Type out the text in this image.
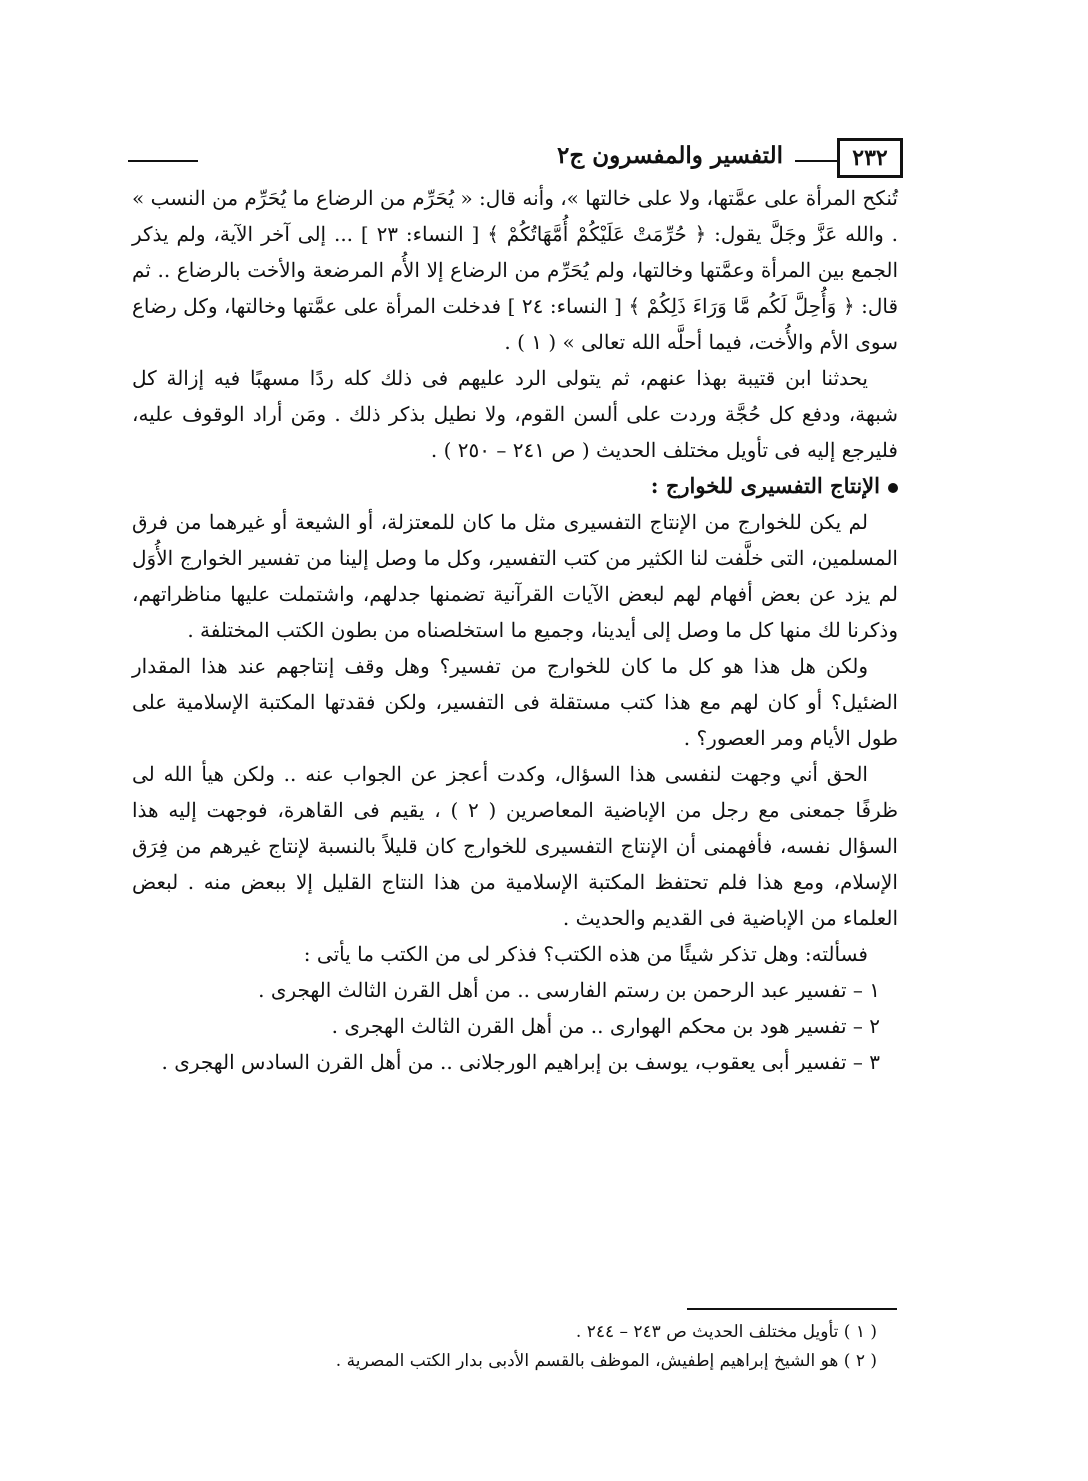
٢٣٢
التفسير والمفسرون ج٢

تُنكح المرأة على عمَّتها، ولا على خالتها »، وأنه قال: « يُحَرِّم من الرضاع ما يُحَرِّم من النسب » . والله عَزَّ وجَلَّ يقول: ﴿ حُرِّمَتْ عَلَيْكُمْ أُمَّهَاتُكُمْ ﴾ [ النساء: ٢٣ ] ... إلى آخر الآية، ولم يذكر الجمع بين المرأة وعمَّتها وخالتها، ولم يُحَرِّم من الرضاع إلا الأُم المرضعة والأخت بالرضاع .. ثم قال: ﴿ وَأُحِلَّ لَكُم مَّا وَرَاءَ ذَلِكُمْ ﴾ [ النساء: ٢٤ ] فدخلت المرأة على عمَّتها وخالتها، وكل رضاع سوى الأم والأُخت، فيما أحلَّه الله تعالى » ( ١ ) .

يحدثنا ابن قتيبة بهذا عنهم، ثم يتولى الرد عليهم فى ذلك كله ردًا مسهبًا فيه إزالة كل شبهة، ودفع كل حُجَّة وردت على ألسن القوم، ولا نطيل بذكر ذلك . ومَن أراد الوقوف عليه، فليرجع إليه فى تأويل مختلف الحديث ( ص ٢٤١ – ٢٥٠ ) .

الإنتاج التفسيرى للخوارج :

لم يكن للخوارج من الإنتاج التفسيرى مثل ما كان للمعتزلة، أو الشيعة أو غيرهما من فرق المسلمين، التى خلَّفت لنا الكثير من كتب التفسير، وكل ما وصل إلينا من تفسير الخوارج الأُوَل لم يزد عن بعض أفهام لهم لبعض الآيات القرآنية تضمنها جدلهم، واشتملت عليها مناظراتهم، وذكرنا لك منها كل ما وصل إلى أيدينا، وجميع ما استخلصناه من بطون الكتب المختلفة .

ولكن هل هذا هو كل ما كان للخوارج من تفسير؟ وهل وقف إنتاجهم عند هذا المقدار الضئيل؟ أو كان لهم مع هذا كتب مستقلة فى التفسير، ولكن فقدتها المكتبة الإسلامية على طول الأيام ومر العصور؟ .

الحق أني وجهت لنفسى هذا السؤال، وكدت أعجز عن الجواب عنه .. ولكن هيأ الله لى ظرفًا جمعنى مع رجل من الإباضية المعاصرين ( ٢ ) ، يقيم فى القاهرة، فوجهت إليه هذا السؤال نفسه، فأفهمنى أن الإنتاج التفسيرى للخوارج كان قليلاً بالنسبة لإنتاج غيرهم من فِرَق الإسلام، ومع هذا فلم تحتفظ المكتبة الإسلامية من هذا النتاج القليل إلا ببعض منه . لبعض العلماء من الإباضية فى القديم والحديث .

فسألته: وهل تذكر شيئًا من هذه الكتب؟ فذكر لى من الكتب ما يأتى :

١ – تفسير عبد الرحمن بن رستم الفارسى .. من أهل القرن الثالث الهجرى .

٢ – تفسير هود بن محكم الهوارى .. من أهل القرن الثالث الهجرى .

٣ – تفسير أبى يعقوب، يوسف بن إبراهيم الورجلانى .. من أهل القرن السادس الهجرى .

( ١ ) تأويل مختلف الحديث ص ٢٤٣ – ٢٤٤ .

( ٢ ) هو الشيخ إبراهيم إطفيش، الموظف بالقسم الأدبى بدار الكتب المصرية .
